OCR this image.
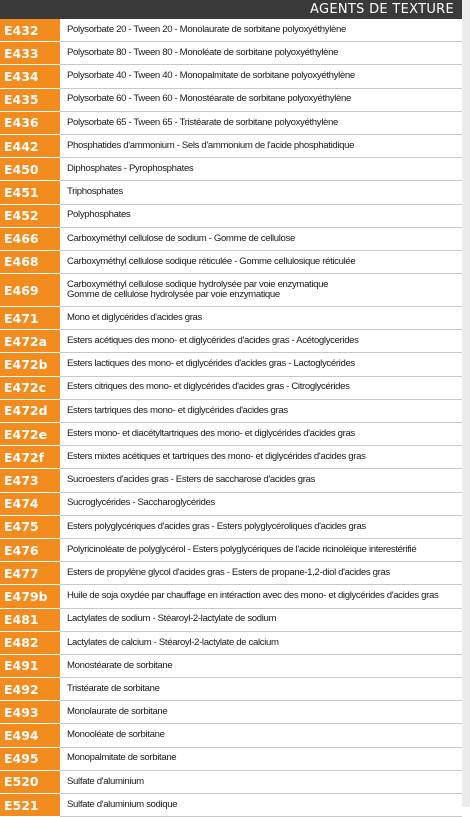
AGENTS DE TEXTURE
E432	Polysorbate 20 - Tween 20 - Monolaurate de sorbitane polyoxyéthylène
E433	Polysorbate 80 - Tween 80 - Monoléate de sorbitane polyoxyéthylène
E434	Polysorbate 40 - Tween 40 - Monopalmitate de sorbitane polyoxyéthylène
E435	Polysorbate 60 - Tween 60 - Monostéarate de sorbitane polyoxyéthylène
E436	Polysorbate 65 - Tween 65 - Tristéarate de sorbitane polyoxyéthylène
E442	Phosphatides d'ammonium - Sels d'ammonium de l'acide phosphatidique
E450	Diphosphates - Pyrophosphates
E451	Triphosphates
E452	Polyphosphates
E466	Carboxyméthyl cellulose de sodium - Gomme de cellulose
E468	Carboxyméthyl cellulose sodique réticulée - Gomme cellulosique réticulée
E469	Carboxyméthyl cellulose sodique hydrolysée par voie enzymatique
Gomme de cellulose hydrolysée par voie enzymatique
E471	Mono et diglycérides d'acides gras
E472a	Esters acétiques des mono- et diglycérides d'acides gras - Acétoglycerides
E472b	Esters lactiques des mono- et diglycérides d'acides gras - Lactoglycérides
E472c	Esters citriques des mono- et diglycérides d'acides gras - Citroglycérides
E472d	Esters tartriques des mono- et diglycérides d'acides gras
E472e	Esters mono- et diacétyltartriques des mono- et diglycérides d'acides gras
E472f	Esters mixtes acétiques et tartriques des mono- et diglycérides d'acides gras
E473	Sucroesters d'acides gras - Esters de saccharose d'acides gras
E474	Sucroglycérides - Saccharoglycérides
E475	Esters polyglycériques d'acides gras - Esters polyglycéroliques d'acides gras
E476	Polyricinoléate de polyglycérol - Esters polyglycériques de l'acide ricinoléique interestérifié
E477	Esters de propylène glycol d'acides gras - Esters de propane-1,2-diol d'acides gras
E479b	Huile de soja oxydée par chauffage en intéraction avec des mono- et diglycérides d'acides gras
E481	Lactylates de sodium - Stéaroyl-2-lactylate de sodium
E482	Lactylates de calcium - Stéaroyl-2-lactylate de calcium
E491	Monostéarate de sorbitane
E492	Tristéarate de sorbitane
E493	Monolaurate de sorbitane
E494	Monooléate de sorbitane
E495	Monopalmitate de sorbitane
E520	Sulfate d'aluminium
E521	Sulfate d'aluminium sodique
